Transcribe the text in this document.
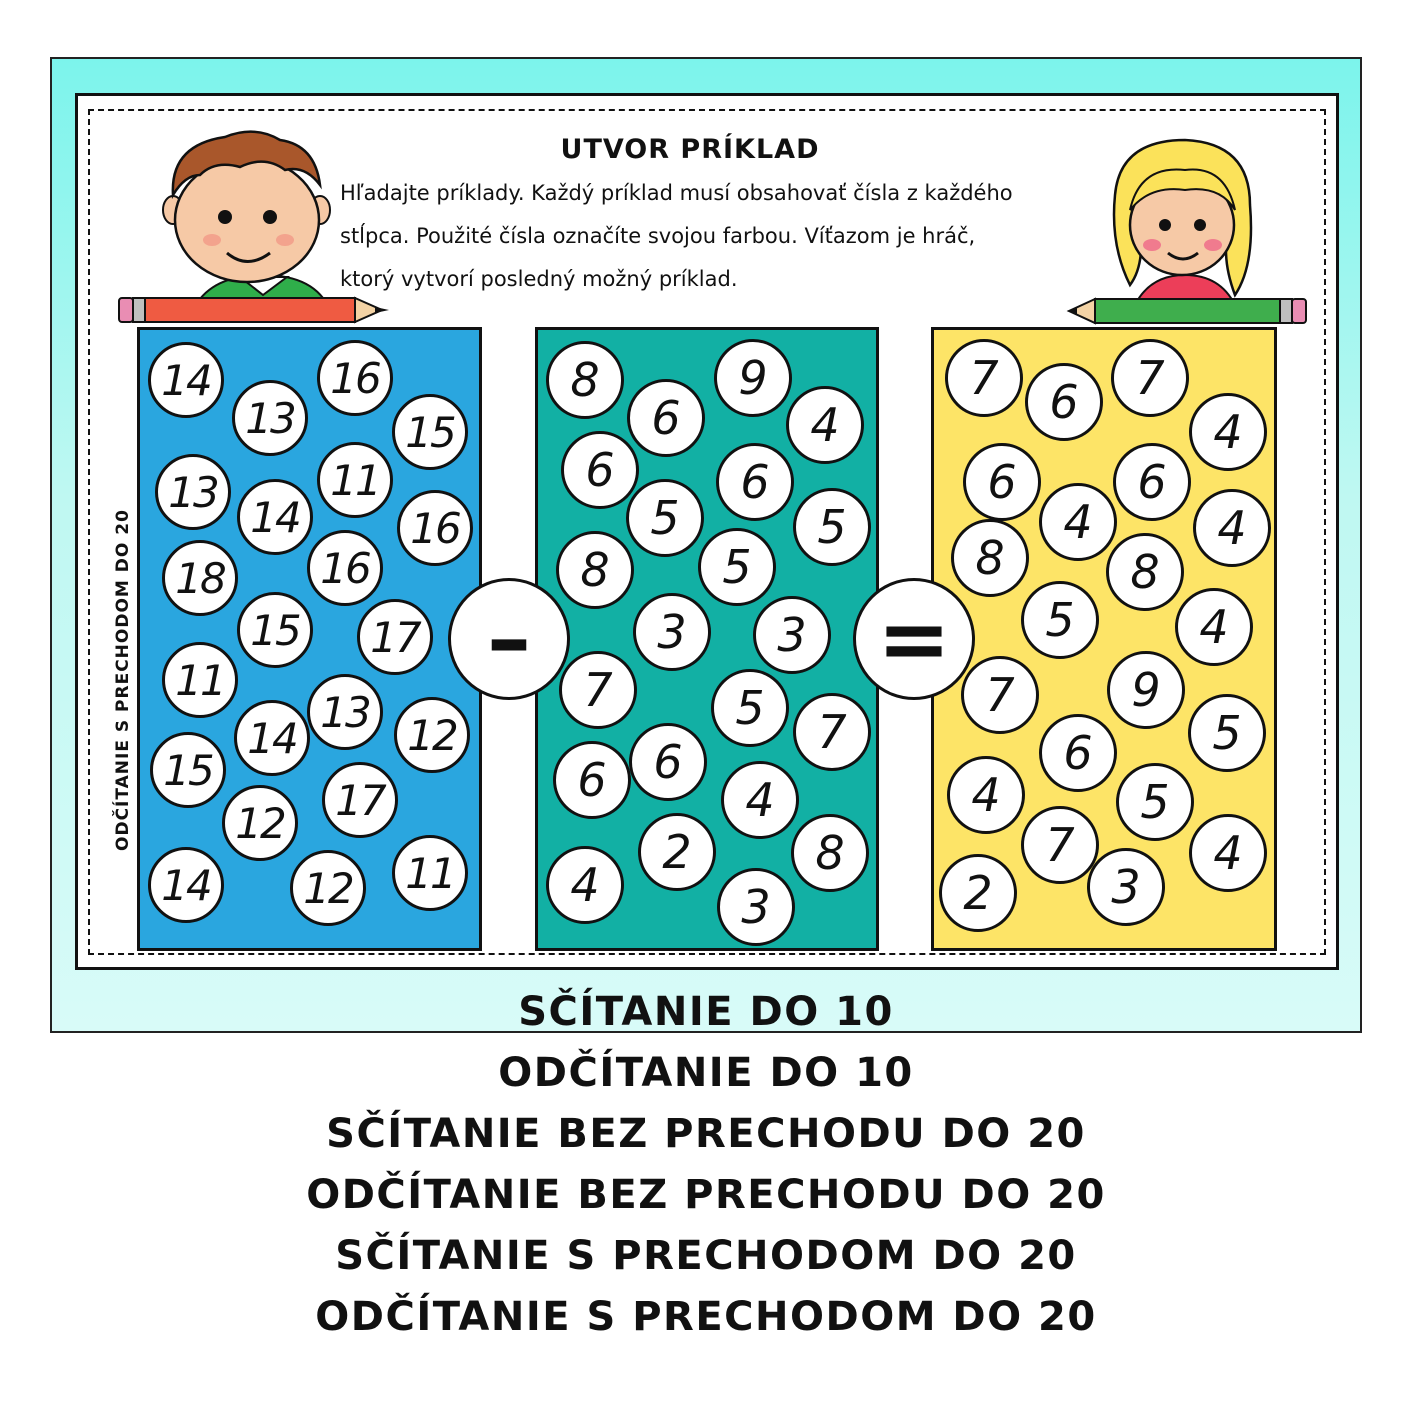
UTVOR PRÍKLAD
Hľadajte príklady. Každý príklad musí obsahovať čísla z každého
stĺpca. Použité čísla označíte svojou farbou. Víťazom je hráč,
ktorý vytvorí posledný možný príklad.
ODČÍTANIE S PRECHODOM DO 20
14
13
16
15
13
14
11
16
18	16
15	17
11
13
14	12
15
12	17
14	12	11
8	9
6	4
6	6
5	5
8	5
3	3
7	5	7
6
6	4
2	8
4	3
7	6	7
4
6	6
4	4
8	8
5	4
7	9
5
6
4	5
4
7
2	3
–	=
SČÍTANIE DO 10
ODČÍTANIE DO 10
SČÍTANIE BEZ PRECHODU DO 20
ODČÍTANIE BEZ PRECHODU DO 20
SČÍTANIE S PRECHODOM DO 20
ODČÍTANIE S PRECHODOM DO 20
